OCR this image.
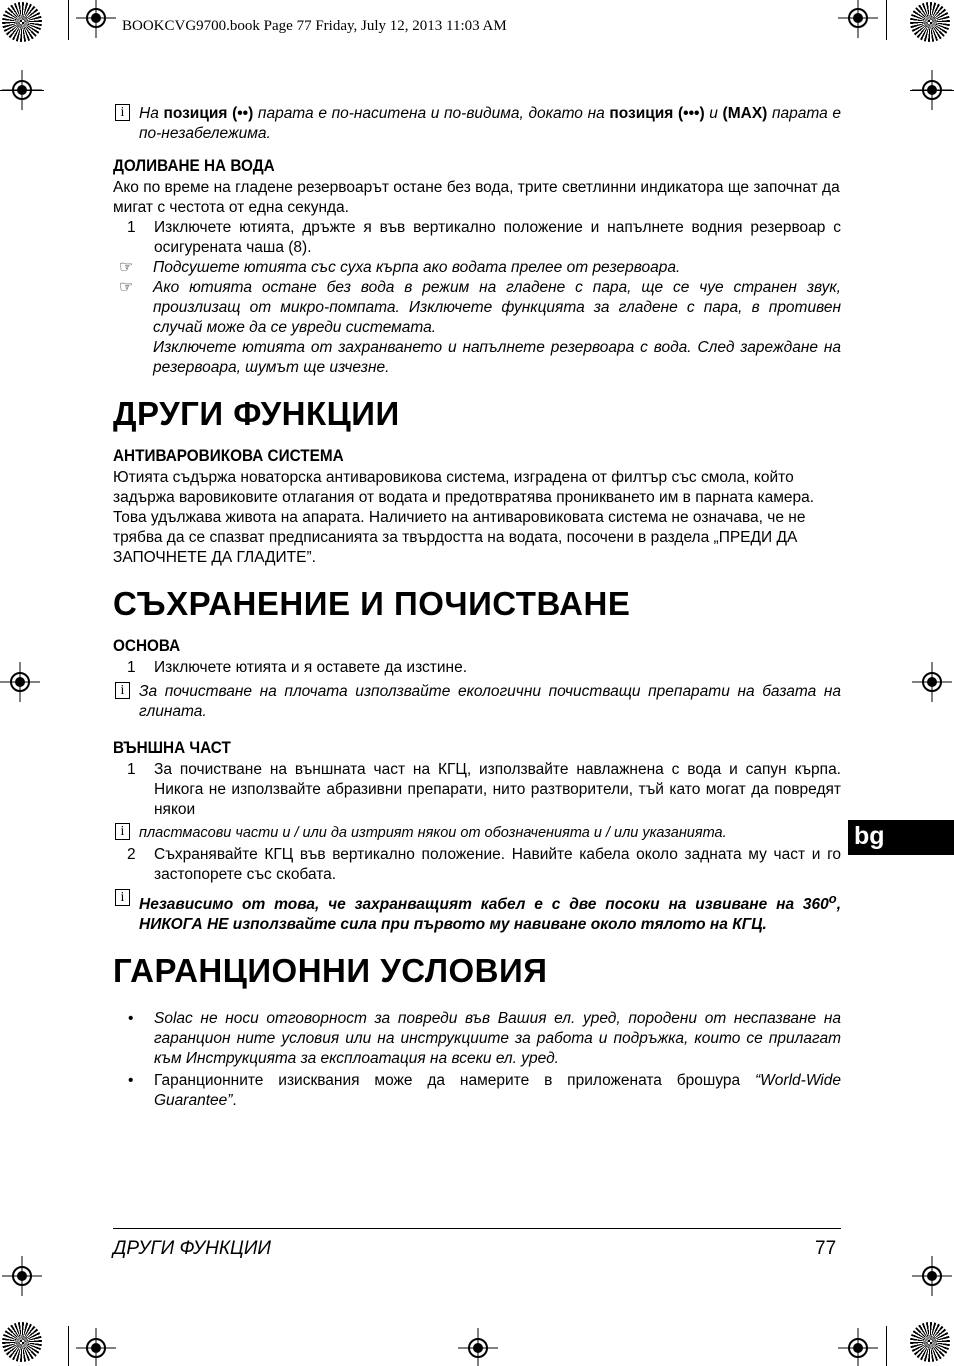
BOOKCVG9700.book Page 77 Friday, July 12, 2013 11:03 AM
i На позиция (••) парата е по-наситена и по-видима, докато на позиция (•••) и (MAX) парата е по-незабележима.
ДОЛИВАНЕ НА ВОДА

Ако по време на гладене резервоарът остане без вода, трите светлинни индикатора ще започнат да мигат с честота от една секунда.

1	Изключете ютията, дръжте я във вертикално положение и напълнете водния резервоар с осигурената чаша (8).
☞	Подсушете ютията със суха кърпа ако водата прелее от резервоара.
☞	Ако ютията остане без вода в режим на гладене с пара, ще се чуе странен звук, произлизащ от микро-помпата. Изключете функцията за гладене с пара, в противен случай може да се увреди системата.
Изключете ютията от захранването и напълнете резервоара с вода. След зареждане на резервоара, шумът ще изчезне.
ДРУГИ ФУНКЦИИ
АНТИВАРОВИКОВА СИСТЕМА

Ютията съдържа новаторска антиваровикова система, изградена от филтър със смола, който задържа варовиковите отлагания от водата и предотвратява проникването им в парната камера. Това удължава живота на апарата. Наличието на антиваровиковата система не означава, че не трябва да се спазват предписанията за твърдостта на водата, посочени в раздела „ПРЕДИ ДА ЗАПОЧНЕТЕ ДА ГЛАДИТЕ”.

СЪХРАНЕНИЕ И ПОЧИСТВАНЕ
ОСНОВА
1	Изключете ютията и я оставете да изстине.
i За почистване на плочата използвайте екологични почистващи препарати на базата на глината.
ВЪНШНА ЧАСТ
1	За почистване на външната част на КГЦ, използвайте навлажнена с вода и сапун кърпа. Никога не използвайте абразивни препарати, нито разтворители, тъй като могат да повредят някои
i	пластмасови части и / или да изтрият някои от обозначенията и / или указанията.
2	Съхранявайте КГЦ във вертикално положение. Навийте кабела около задната му част и го застопорете със скобата.
i Независимо от това, че захранващият кабел е с две посоки на извиване на 360$^o$, НИКОГА НЕ използвайте сила при първото му навиване около тялото на КГЦ.
ГАРАНЦИОННИ УСЛОВИЯ
•	Solac не носи отговорност за повреди във Вашия ел. уред, породени от неспазване на гаранцион ните условия или на инструкциите за работа и подръжка, които се прилагат към Инструкцията за експлоатация на всеки ел. уред.
•	Гаранционните изисквания може да намерите в приложената брошура “World-Wide Guarantee”.
bg
ДРУГИ ФУНКЦИИ	77
